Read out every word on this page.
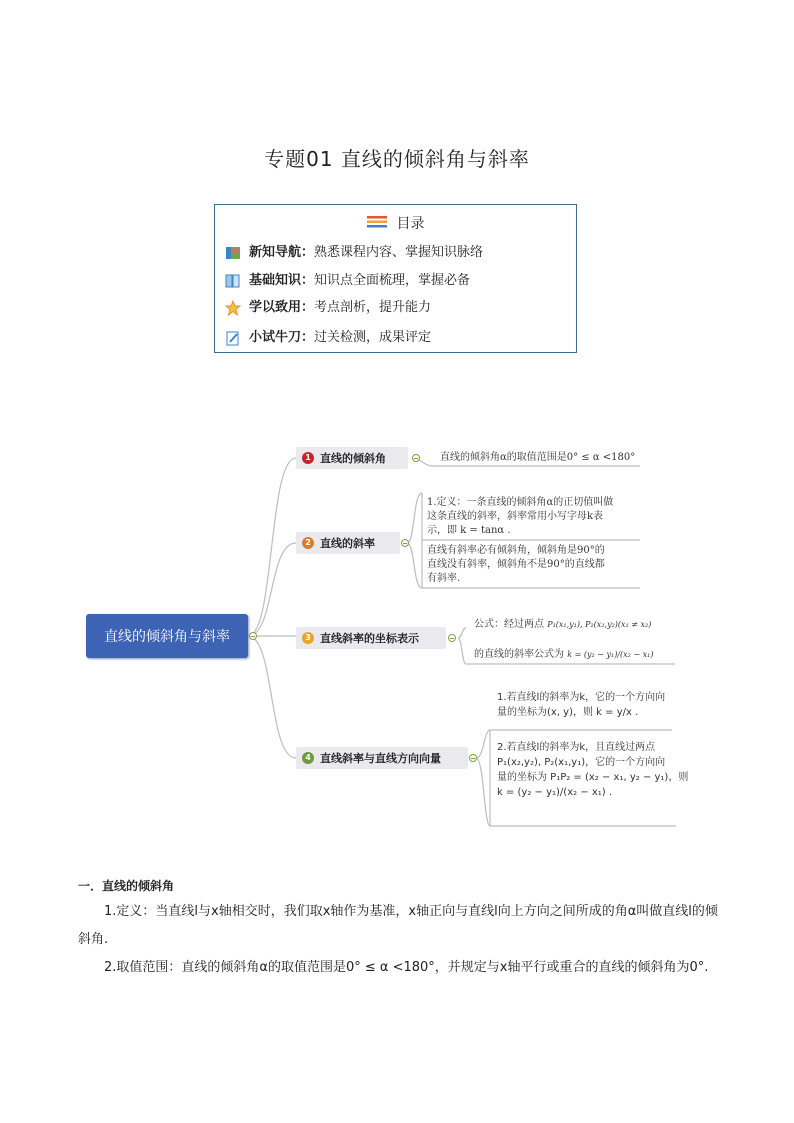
专题01 直线的倾斜角与斜率
目录
新知导航：熟悉课程内容、掌握知识脉络
基础知识：知识点全面梳理，掌握必备
学以致用：考点剖析，提升能力
小试牛刀：过关检测，成果评定
直线的倾斜角与斜率
1 直线的倾斜角	直线的倾斜角α的取值范围是0° ≤ α <180°
2 直线的斜率
1.定义：一条直线的倾斜角α的正切值叫做
这条直线的斜率，斜率常用小写字母k表
示，即 k = tanα .
直线有斜率必有倾斜角，倾斜角是90°的
直线没有斜率，倾斜角不是90°的直线都
有斜率.
3 直线斜率的坐标表示
公式：经过两点 P₁(x₁,y₁), P₂(x₂,y₂)(x₁ ≠ x₂)
的直线的斜率公式为 k = (y₂ − y₁)/(x₂ − x₁)
4 直线斜率与直线方向向量
1.若直线l的斜率为k，它的一个方向向
量的坐标为(x, y)，则 k = y/x .
2.若直线l的斜率为k，且直线过两点
P₁(x₂,y₂), P₂(x₁,y₁)，它的一个方向向
量的坐标为 P₁P₂ = (x₂ − x₁, y₂ − y₁)，则
k = (y₂ − y₁)/(x₂ − x₁) .
一．直线的倾斜角
1.定义：当直线l与x轴相交时，我们取x轴作为基准，x轴正向与直线l向上方向之间所成的角α叫做直线l的倾斜角.
2.取值范围：直线的倾斜角α的取值范围是0° ≤ α <180°，并规定与x轴平行或重合的直线的倾斜角为0°.
